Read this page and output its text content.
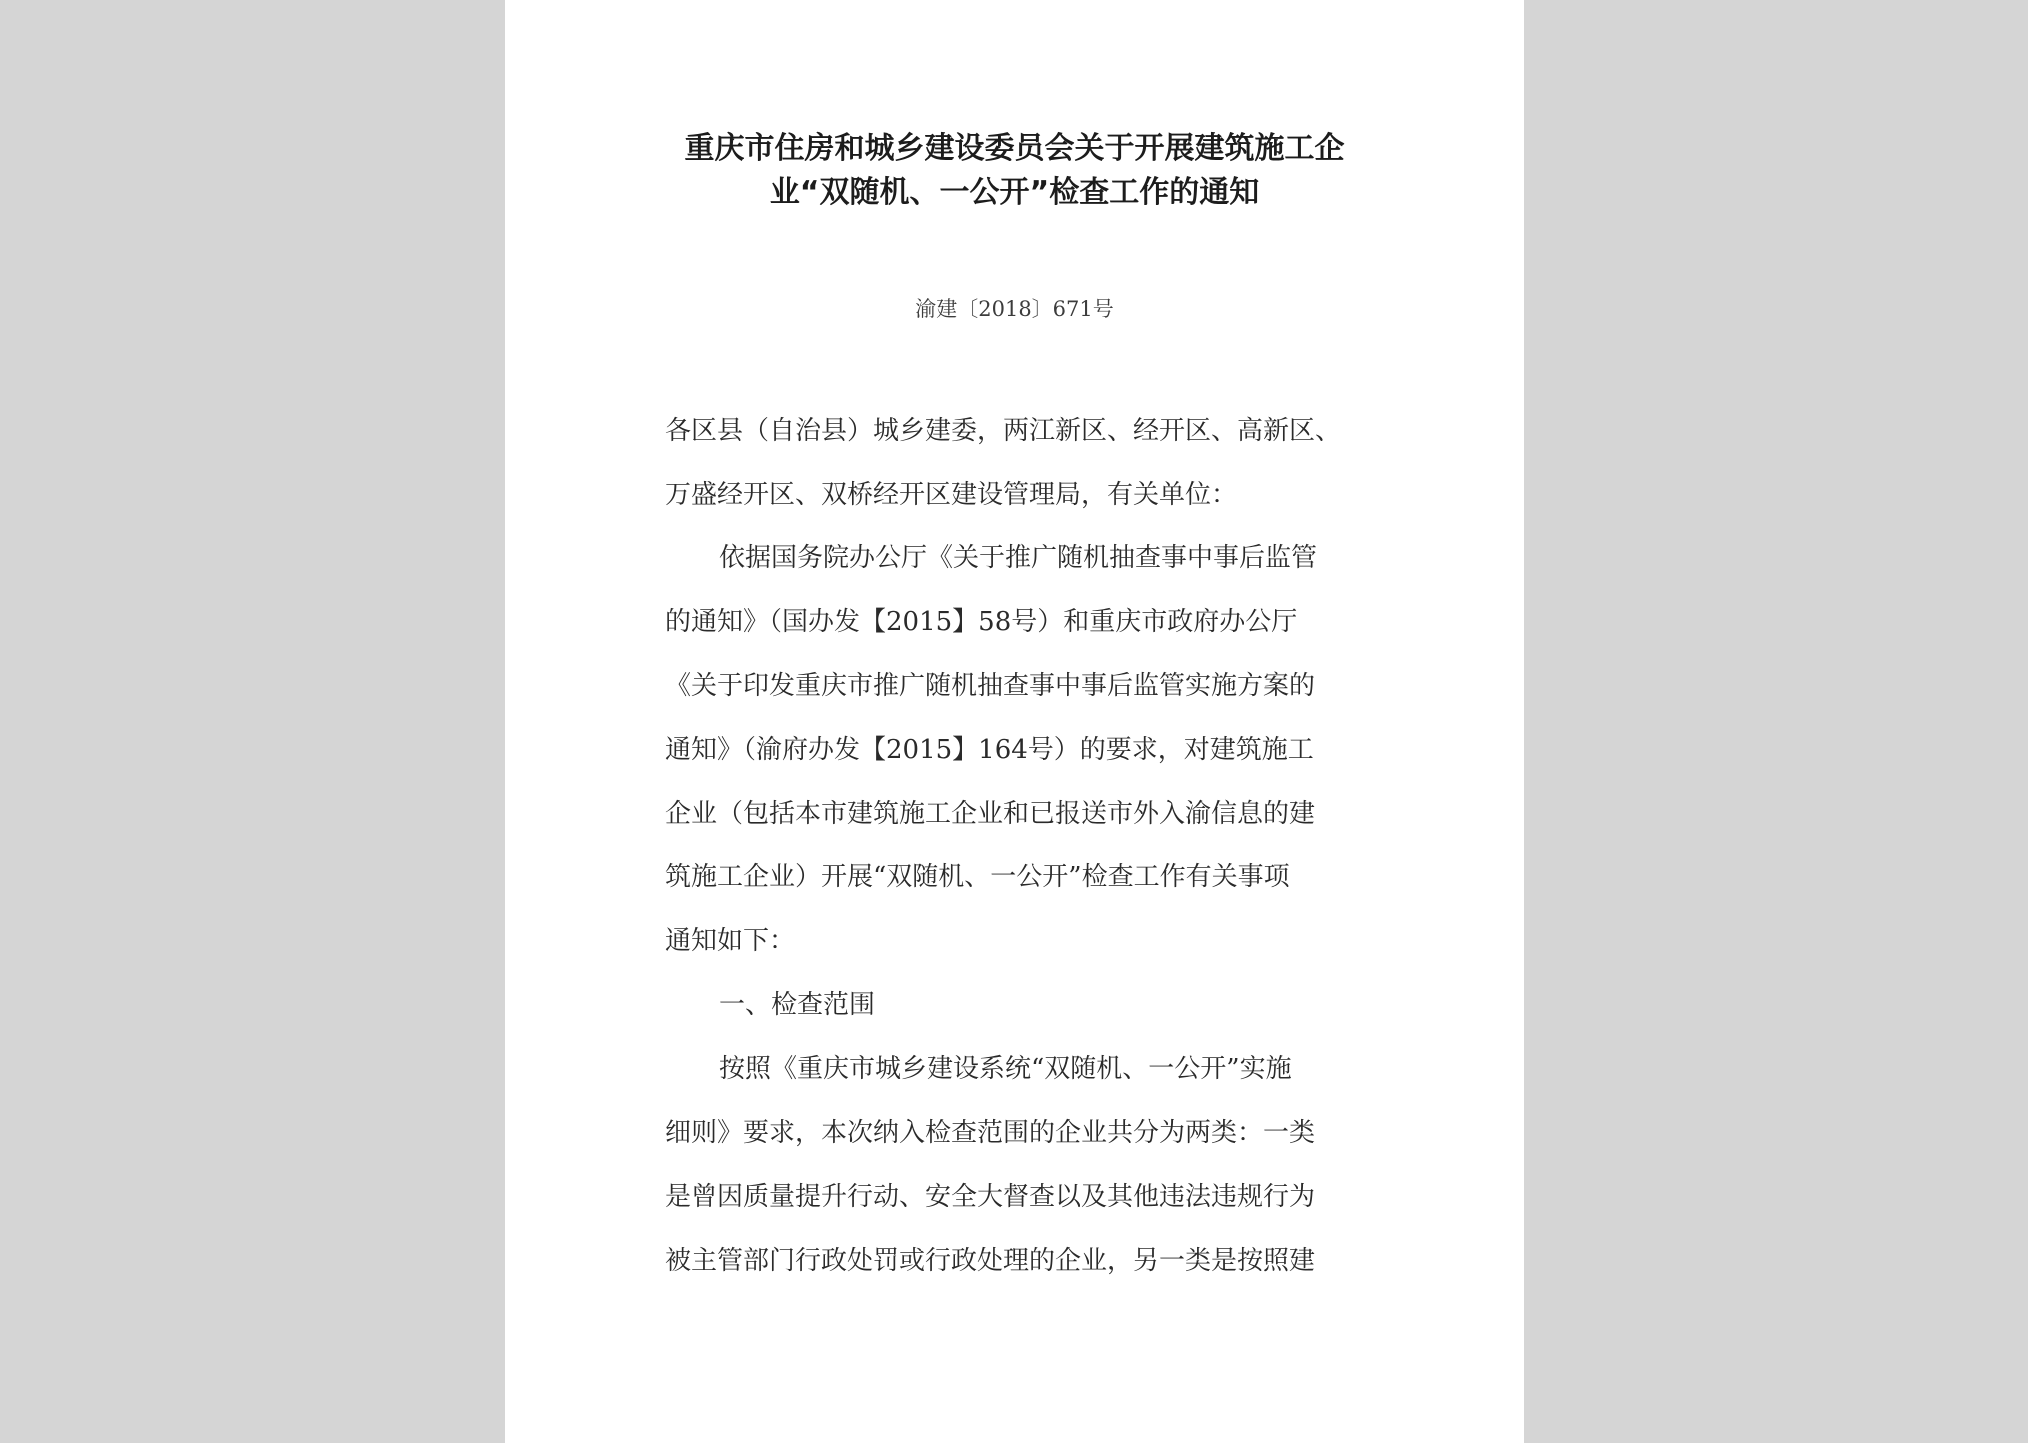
重庆市住房和城乡建设委员会关于开展建筑施工企
业“双随机、一公开”检查工作的通知
渝建〔2018〕671号
各区县（自治县）城乡建委，两江新区、经开区、高新区、
万盛经开区、双桥经开区建设管理局，有关单位：
依据国务院办公厅《关于推广随机抽查事中事后监管
的通知》（国办发【2015】58号）和重庆市政府办公厅
《关于印发重庆市推广随机抽查事中事后监管实施方案的
通知》（渝府办发【2015】164号）的要求，对建筑施工
企业（包括本市建筑施工企业和已报送市外入渝信息的建
筑施工企业）开展“双随机、一公开”检查工作有关事项
通知如下：
一、检查范围
按照《重庆市城乡建设系统“双随机、一公开”实施
细则》要求，本次纳入检查范围的企业共分为两类：一类
是曾因质量提升行动、安全大督查以及其他违法违规行为
被主管部门行政处罚或行政处理的企业，另一类是按照建
